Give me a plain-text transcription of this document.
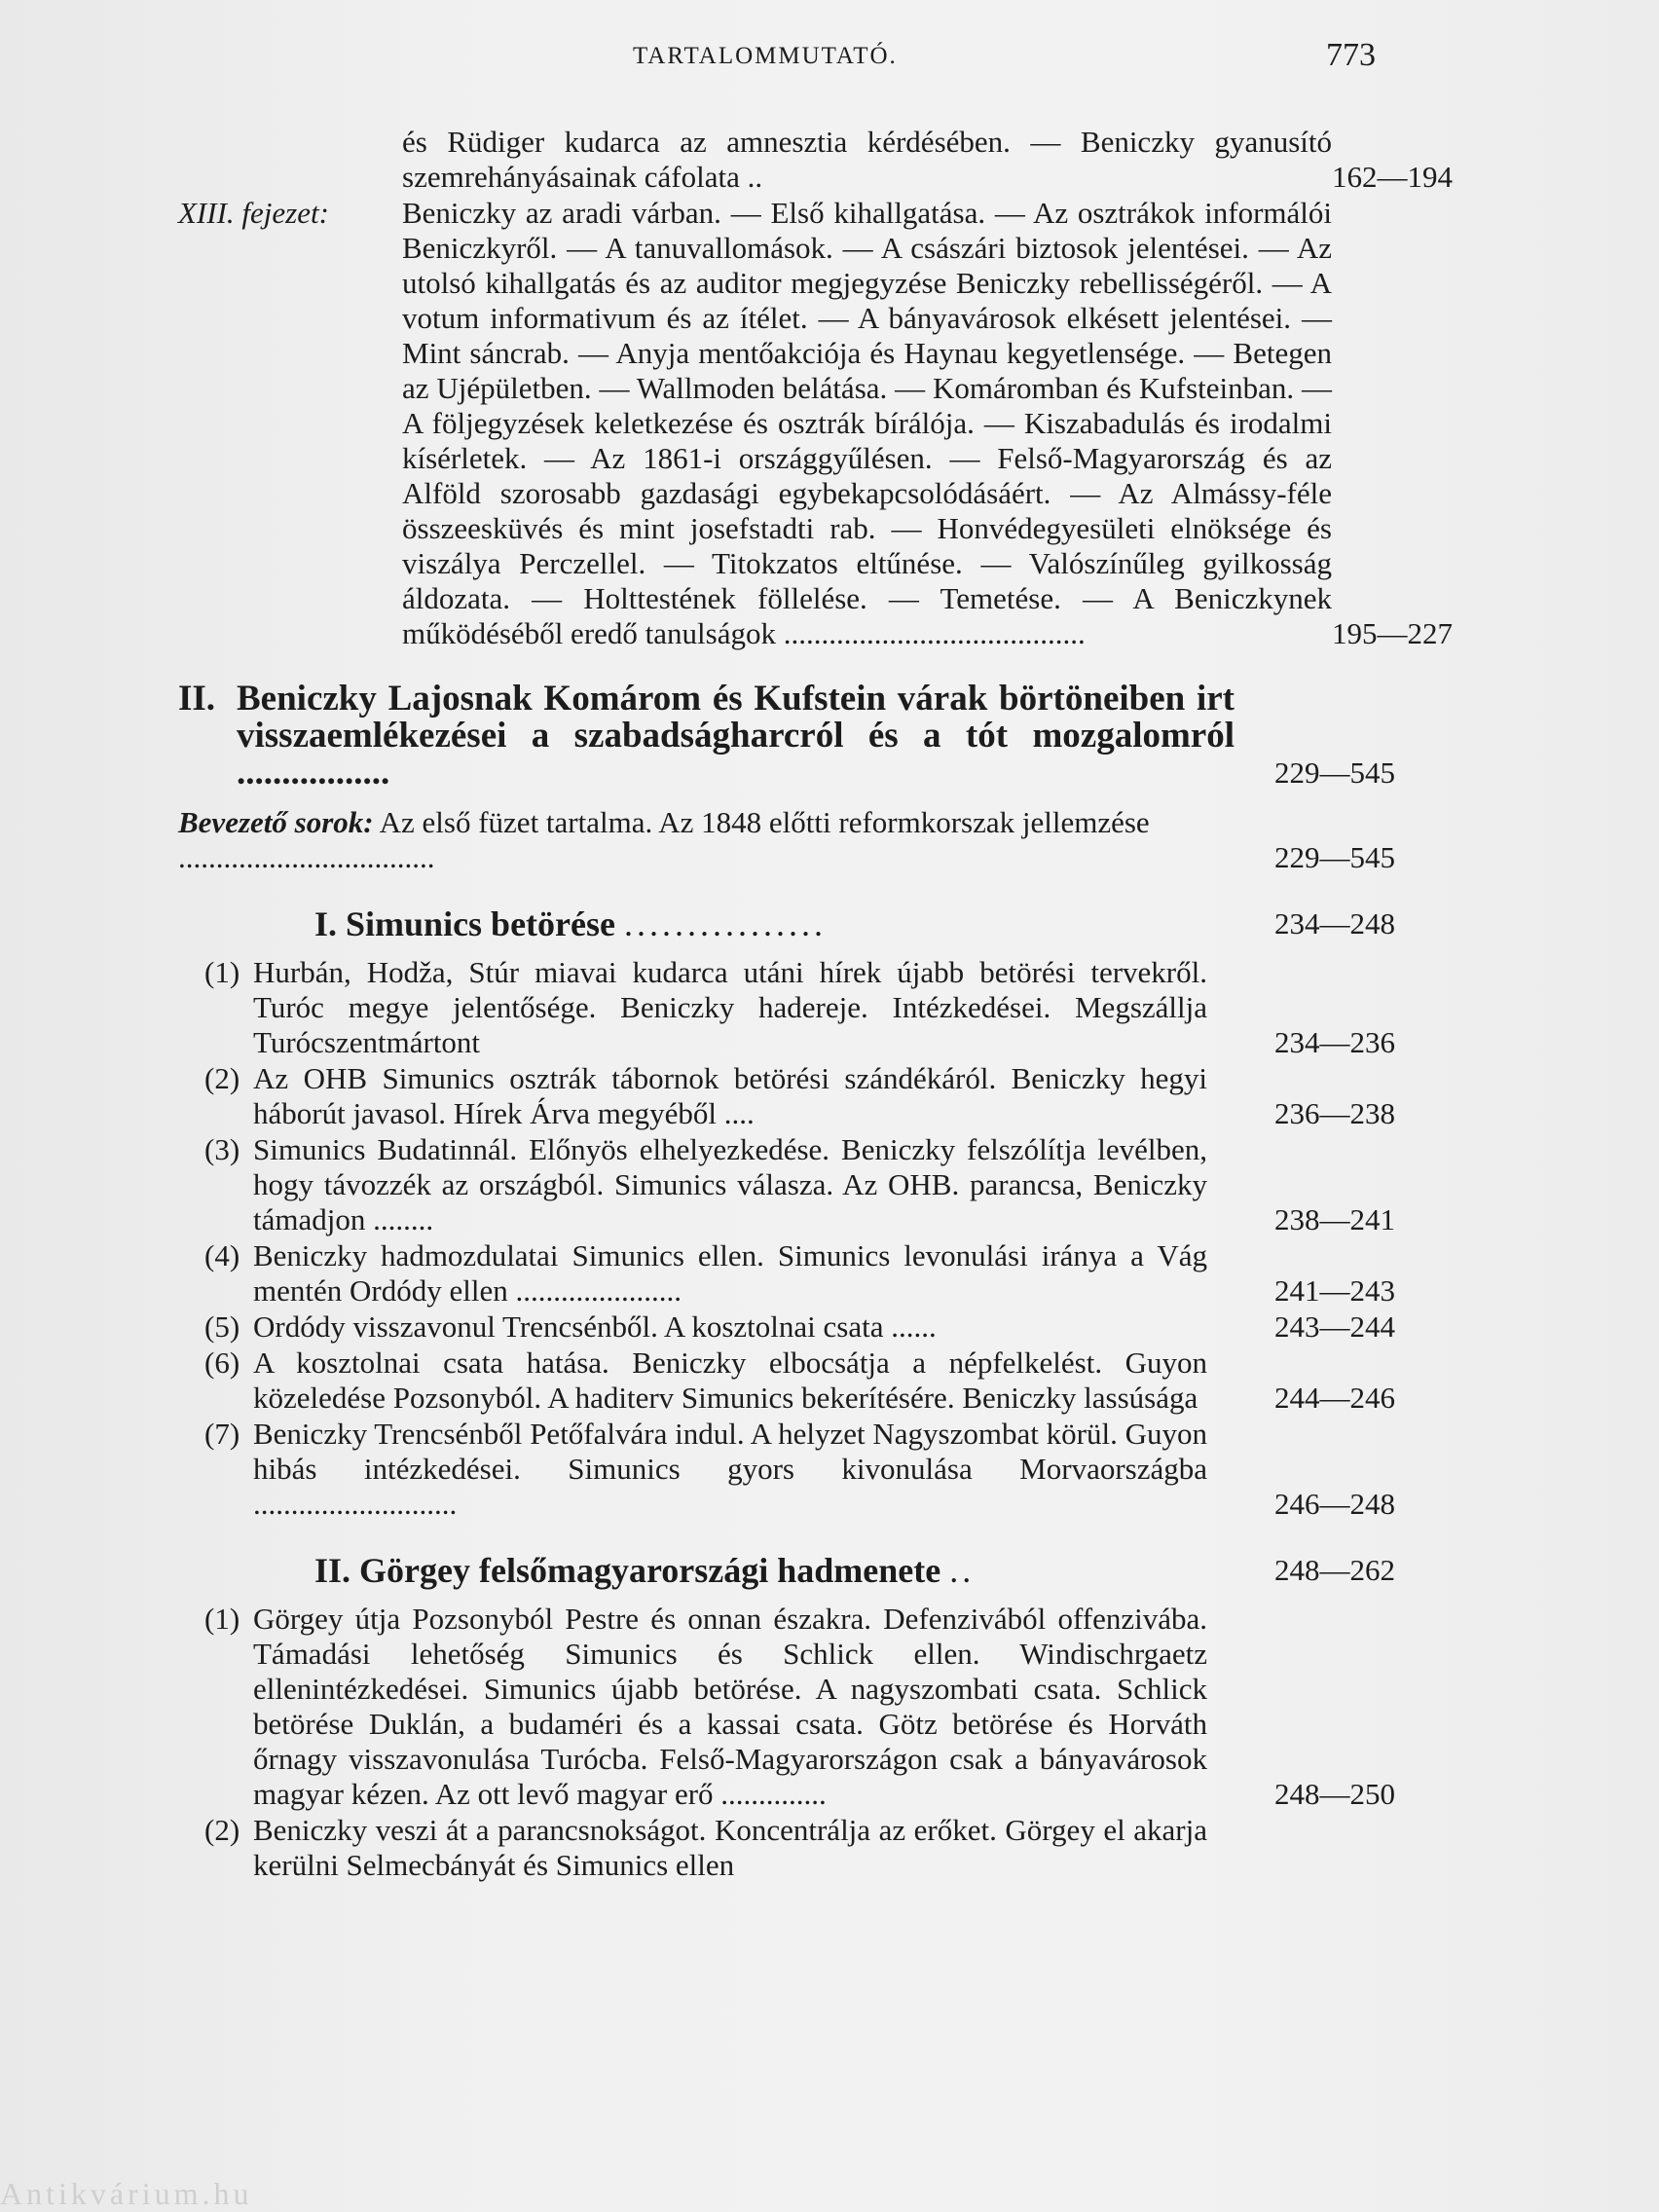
TARTALOMMUTATÓ.	773
és Rüdiger kudarca az amnesztia kérdésében. — Beniczky gyanusító szemrehányásainak cáfolata ..	162—194
XIII. fejezet:	Beniczky az aradi várban. — Első kihallgatása. — Az osztrákok informálói Beniczkyről. — A tanuvallomások. — A császári biztosok jelentései. — Az utolsó kihallgatás és az auditor megjegyzése Beniczky rebellisségéről. — A votum informativum és az ítélet. — A bányavárosok elkésett jelentései. — Mint sáncrab. — Anyja mentőakciója és Haynau kegyetlensége. — Betegen az Ujépületben. — Wallmoden belátása. — Komáromban és Kufsteinban. — A följegyzések keletkezése és osztrák bírálója. — Kiszabadulás és irodalmi kísérletek. — Az 1861-i országgyűlésen. — Felső-Magyarország és az Alföld szorosabb gazdasági egybekapcsolódásáért. — Az Almássy-féle összeesküvés és mint josefstadti rab. — Honvédegyesületi elnöksége és viszálya Perczellel. — Titokzatos eltűnése. — Valószínűleg gyilkosság áldozata. — Holttestének föllelése. — Temetése. — A Beniczkynek működéséből eredő tanulságok ........................................	195—227
II. Beniczky Lajosnak Komárom és Kufstein várak börtöneiben irt visszaemlékezései a szabadságharcról és a tót mozgalomról .................	229—545
Bevezető sorok: Az első füzet tartalma. Az 1848 előtti reformkorszak jellemzése ..................................	229—545
I. Simunics betörése ................	234—248
(1) Hurbán, Hodža, Stúr miavai kudarca utáni hírek újabb betörési tervekről. Turóc megye jelentősége. Beniczky hadereje. Intézkedései. Megszállja Turócszentmártont	234—236
(2) Az OHB Simunics osztrák tábornok betörési szándékáról. Beniczky hegyi háborút javasol. Hírek Árva megyéből ....	236—238
(3) Simunics Budatinnál. Előnyös elhelyezkedése. Beniczky felszólítja levélben, hogy távozzék az országból. Simunics válasza. Az OHB. parancsa, Beniczky támadjon ........	238—241
(4) Beniczky hadmozdulatai Simunics ellen. Simunics levonulási iránya a Vág mentén Ordódy ellen ......................	241—243
(5) Ordódy visszavonul Trencsénből. A kosztolnai csata ......	243—244
(6) A kosztolnai csata hatása. Beniczky elbocsátja a népfelkelést. Guyon közeledése Pozsonyból. A haditerv Simunics bekerítésére. Beniczky lassúsága	244—246
(7) Beniczky Trencsénből Petőfalvára indul. A helyzet Nagyszombat körül. Guyon hibás intézkedései. Simunics gyors kivonulása Morvaországba ...........................	246—248
II. Görgey felsőmagyarországi hadmenete ..	248—262
(1) Görgey útja Pozsonyból Pestre és onnan északra. Defenzivából offenzivába. Támadási lehetőség Simunics és Schlick ellen. Windischrgaetz ellenintézkedései. Simunics újabb betörése. A nagyszombati csata. Schlick betörése Duklán, a budaméri és a kassai csata. Götz betörése és Horváth őrnagy visszavonulása Turócba. Felső-Magyarországon csak a bányavárosok magyar kézen. Az ott levő magyar erő ..............	248—250
(2) Beniczky veszi át a parancsnokságot. Koncentrálja az erőket. Görgey el akarja kerülni Selmecbányát és Simunics ellen
Antikvárium.hu
